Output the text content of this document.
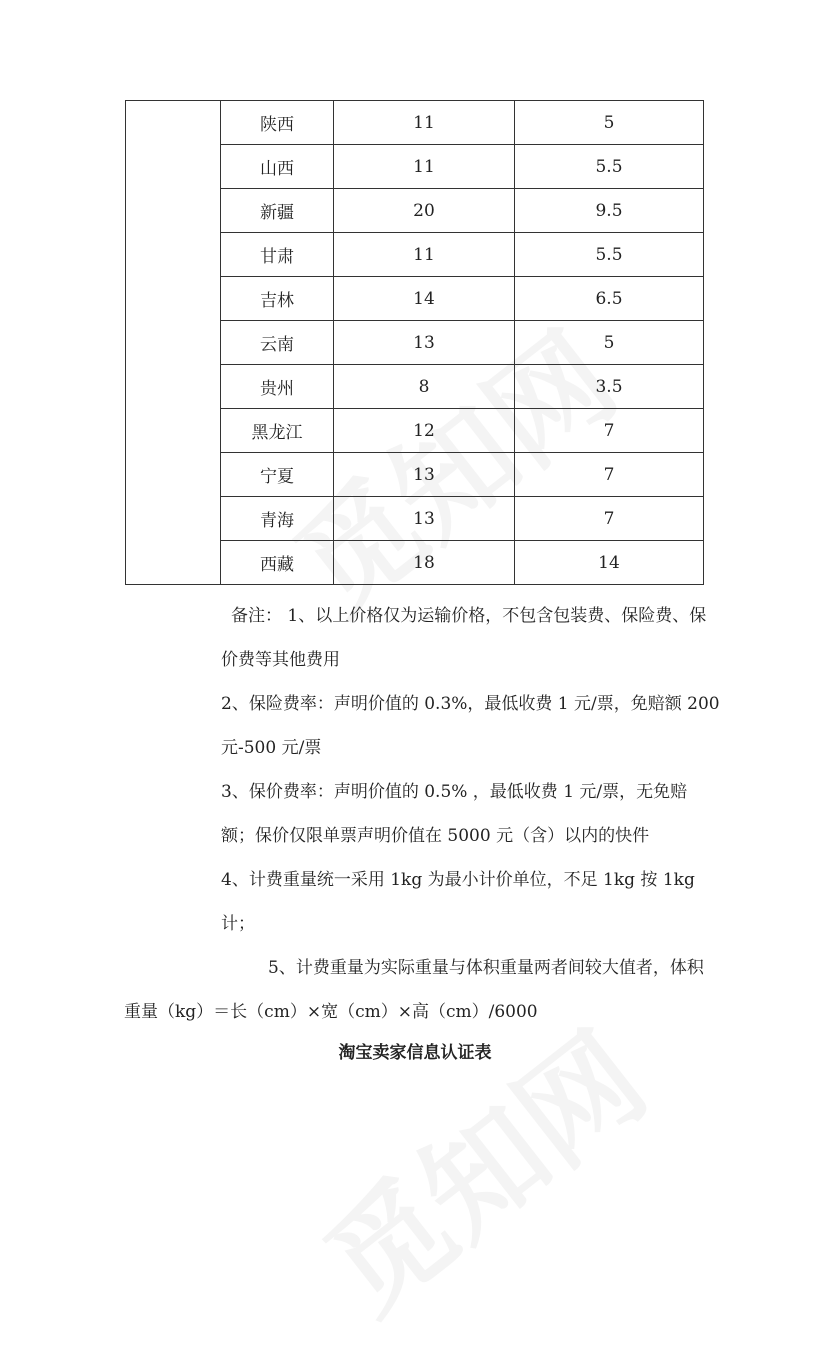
	陕西	11	5
	山西	11	5.5
	新疆	20	9.5
	甘肃	11	5.5
	吉林	14	6.5
	云南	13	5
	贵州	8	3.5
	黑龙江	12	7
	宁夏	13	7
	青海	13	7
	西藏	18	14
备注： 1、以上价格仅为运输价格，不包含包装费、保险费、保
价费等其他费用
2、保险费率：声明价值的 0.3%，最低收费 1 元/票，免赔额 200
元-500 元/票
3、保价费率：声明价值的 0.5% ，最低收费 1 元/票，无免赔
额；保价仅限单票声明价值在 5000 元（含）以内的快件
4、计费重量统一采用 1kg 为最小计价单位，不足 1kg 按 1kg
计；
5、计费重量为实际重量与体积重量两者间较大值者，体积
重量（kg）＝长（cm）×宽（cm）×高（cm）/6000
淘宝卖家信息认证表
